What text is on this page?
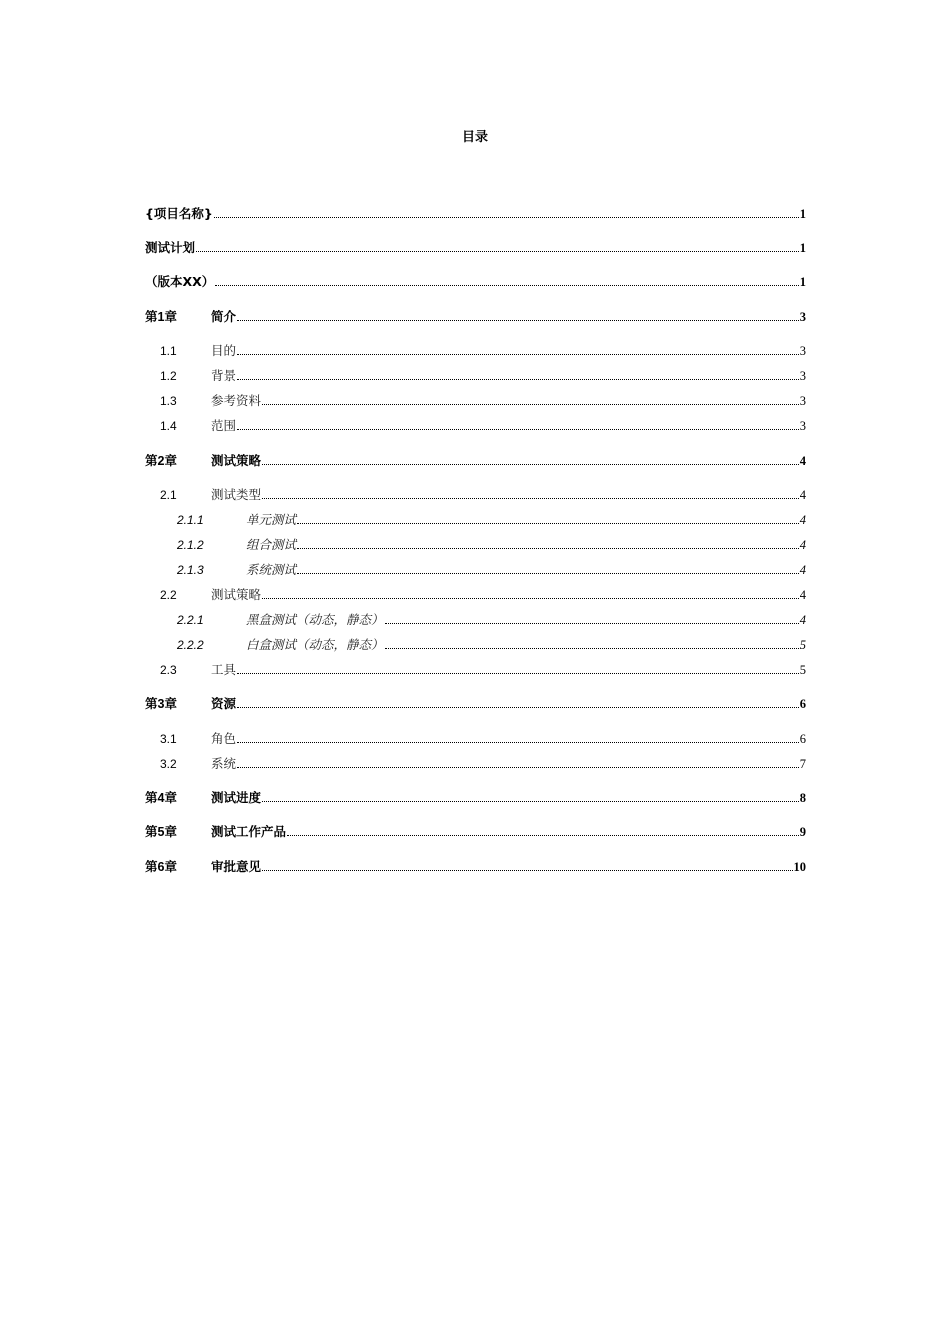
目录
{项目名称}	1
测试计划	1
（版本XX）	1
第1章	简介	3
1.1	目的	3
1.2	背景	3
1.3	参考资料	3
1.4	范围	3
第2章	测试策略	4
2.1	测试类型	4
2.1.1	单元测试	4
2.1.2	组合测试	4
2.1.3	系统测试	4
2.2	测试策略	4
2.2.1	黑盒测试（动态，静态）	4
2.2.2	白盒测试（动态，静态）	5
2.3	工具	5
第3章	资源	6
3.1	角色	6
3.2	系统	7
第4章	测试进度	8
第5章	测试工作产品	9
第6章	审批意见	10
